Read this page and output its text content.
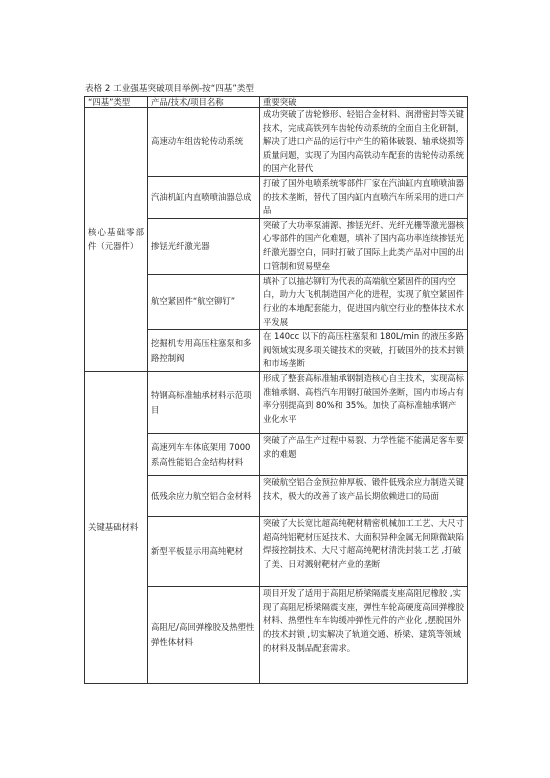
表格 2 工业强基突破项目举例-按“四基”类型
“四基”类型	产品/技术/项目名称	重要突破
核心基础零部件（元器件）	高速动车组齿轮传动系统	成功突破了齿轮修形、轻铝合金材料、润滑密封等关键技术，完成高铁列车齿轮传动系统的全面自主化研制，解决了进口产品的运行中产生的箱体破裂、轴承烧损等质量问题，实现了为国内高铁动车配套的齿轮传动系统的国产化替代
	汽油机缸内直喷喷油器总成	打破了国外电喷系统零部件厂家在汽油缸内直喷喷油器的技术垄断，替代了国内缸内直喷汽车所采用的进口产品
	掺铥光纤激光器	突破了大功率泵浦源、掺铥光纤、光纤光栅等激光器核心零部件的国产化难题，填补了国内高功率连续掺铥光纤激光器空白，同时打破了国际上此类产品对中国的出口管制和贸易壁垒
	航空紧固件“航空铆钉”	填补了以抽芯铆钉为代表的高端航空紧固件的国内空白，助力大飞机制造国产化的进程，实现了航空紧固件行业的本地配套能力，促进国内航空行业的整体技术水平发展
	挖掘机专用高压柱塞泵和多路控制阀	在 140cc 以下的高压柱塞泵和 180L/min 的液压多路阀领域实现多项关键技术的突破，打破国外的技术封锁和市场垄断
关键基础材料	特钢高标准轴承材料示范项目	形成了整套高标准轴承钢制造核心自主技术，实现高标准轴承钢、高档汽车用钢打破国外垄断，国内市场占有率分别提高到 80%和 35%。加快了高标准轴承钢产业化水平
	高速列车车体底架用 7000 系高性能铝合金结构材料	突破了产品生产过程中易裂、力学性能不能满足客车要求的难题
	低残余应力航空铝合金材料	突破航空铝合金预拉伸厚板、锻件低残余应力制造关键技术，极大的改善了该产品长期依赖进口的局面
	新型平板显示用高纯靶材	突破了大长宽比超高纯靶材精密机械加工工艺、大尺寸超高纯铝靶材压延技术、大面积异种金属无间隙微缺陷焊接控制技术、大尺寸超高纯靶材清洗封装工艺 ,打破了美、日对溅射靶材产业的垄断
	高阻尼/高回弹橡胶及热塑性弹性体材料	项目开发了适用于高阻尼桥梁隔震支座高阻尼橡胶 ,实现了高阻尼桥梁隔震支座，弹性车轮高硬度高回弹橡胶材料、热塑性车车钩缓冲弹性元件的产业化 ,摆脱国外的技术封锁 ,切实解决了轨道交通、桥梁、建筑等领域的材料及制品配套需求。
